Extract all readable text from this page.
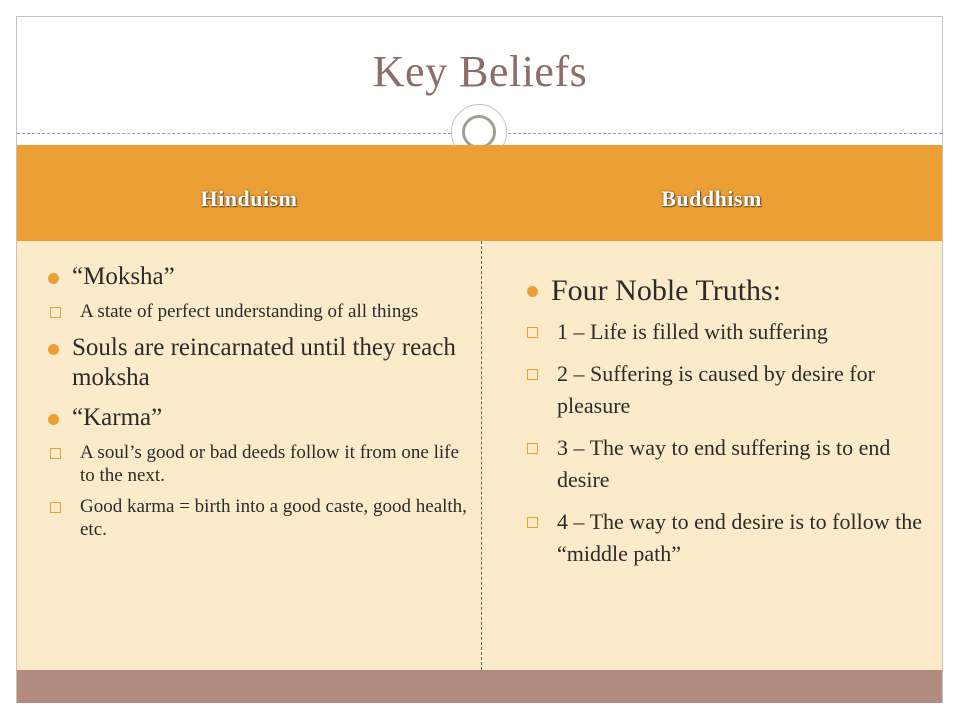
Key Beliefs
Hinduism	Buddhism
“Moksha”
A state of perfect understanding of all things
Souls are reincarnated until they reach moksha
“Karma”
A soul’s good or bad deeds follow it from one life to the next.
Good karma = birth into a good caste, good health, etc.
Four Noble Truths:
1 – Life is filled with suffering
2 – Suffering is caused by desire for pleasure
3 – The way to end suffering is to end desire
4 – The way to end desire is to follow the “middle path”
